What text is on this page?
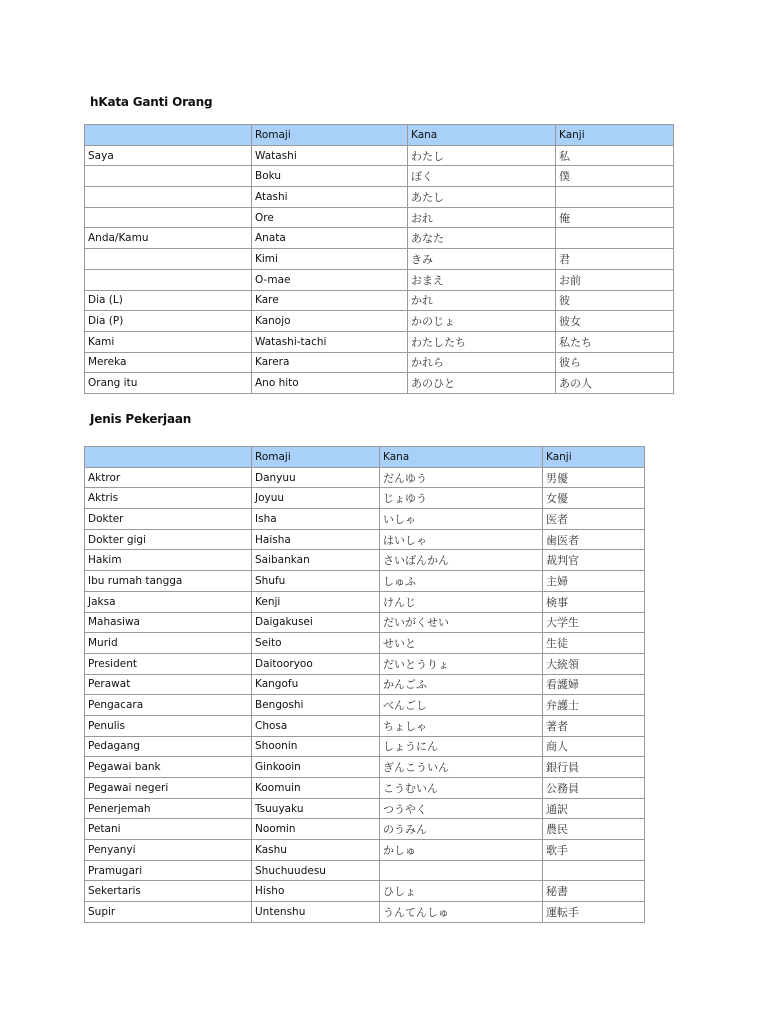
hKata Ganti Orang
	Romaji	Kana	Kanji
Saya	Watashi	わたし	私
	Boku	ぼく	僕
	Atashi	あたし	
	Ore	おれ	俺
Anda/Kamu	Anata	あなた	
	Kimi	きみ	君
	O-mae	おまえ	お前
Dia (L)	Kare	かれ	彼
Dia (P)	Kanojo	かのじょ	彼女
Kami	Watashi-tachi	わたしたち	私たち
Mereka	Karera	かれら	彼ら
Orang itu	Ano hito	あのひと	あの人
Jenis Pekerjaan
	Romaji	Kana	Kanji
Aktror	Danyuu	だんゆう	男優
Aktris	Joyuu	じょゆう	女優
Dokter	Isha	いしゃ	医者
Dokter gigi	Haisha	はいしゃ	歯医者
Hakim	Saibankan	さいばんかん	裁判官
Ibu rumah tangga	Shufu	しゅふ	主婦
Jaksa	Kenji	けんじ	検事
Mahasiwa	Daigakusei	だいがくせい	大学生
Murid	Seito	せいと	生徒
President	Daitooryoo	だいとうりょ	大統領
Perawat	Kangofu	かんごふ	看護婦
Pengacara	Bengoshi	べんごし	弁護士
Penulis	Chosa	ちょしゃ	著者
Pedagang	Shoonin	しょうにん	商人
Pegawai bank	Ginkooin	ぎんこういん	銀行員
Pegawai negeri	Koomuin	こうむいん	公務員
Penerjemah	Tsuuyaku	つうやく	通訳
Petani	Noomin	のうみん	農民
Penyanyi	Kashu	かしゅ	歌手
Pramugari	Shuchuudesu		
Sekertaris	Hisho	ひしょ	秘書
Supir	Untenshu	うんてんしゅ	運転手
